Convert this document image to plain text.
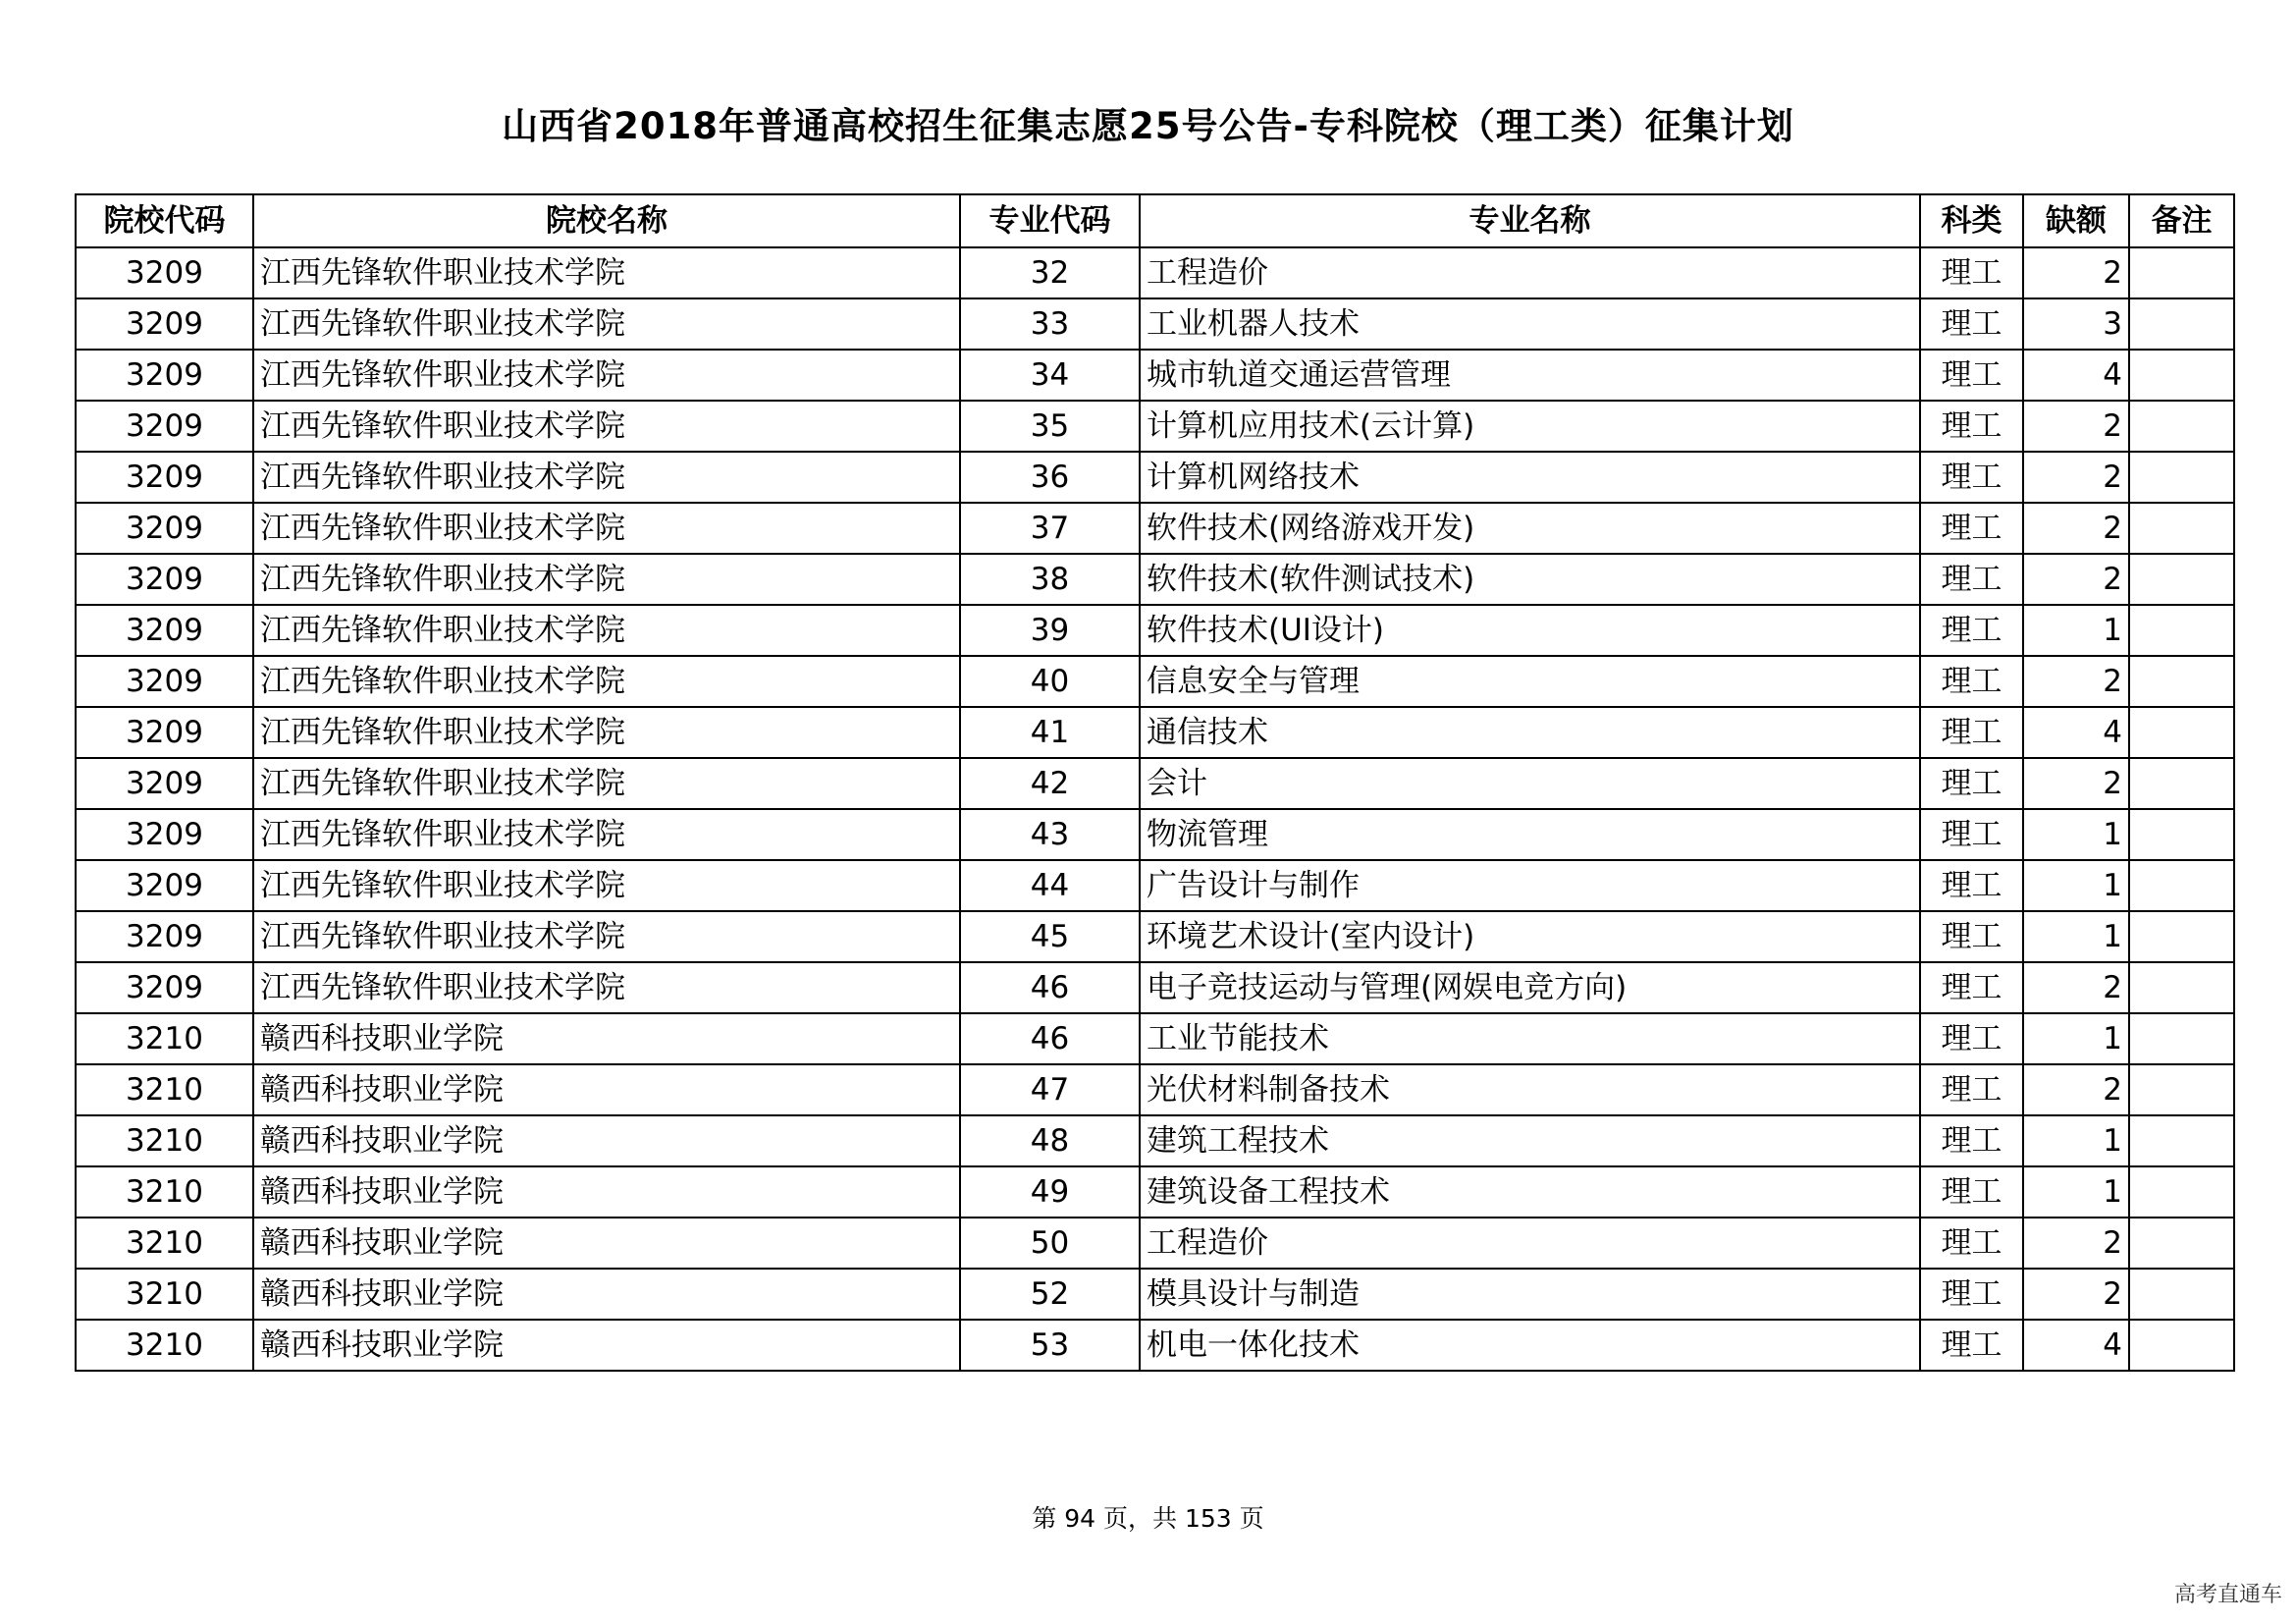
山西省2018年普通高校招生征集志愿25号公告-专科院校（理工类）征集计划
院校代码	院校名称	专业代码	专业名称	科类	缺额	备注
3209	江西先锋软件职业技术学院	32	工程造价	理工	2	
3209	江西先锋软件职业技术学院	33	工业机器人技术	理工	3	
3209	江西先锋软件职业技术学院	34	城市轨道交通运营管理	理工	4	
3209	江西先锋软件职业技术学院	35	计算机应用技术(云计算)	理工	2	
3209	江西先锋软件职业技术学院	36	计算机网络技术	理工	2	
3209	江西先锋软件职业技术学院	37	软件技术(网络游戏开发)	理工	2	
3209	江西先锋软件职业技术学院	38	软件技术(软件测试技术)	理工	2	
3209	江西先锋软件职业技术学院	39	软件技术(UI设计)	理工	1	
3209	江西先锋软件职业技术学院	40	信息安全与管理	理工	2	
3209	江西先锋软件职业技术学院	41	通信技术	理工	4	
3209	江西先锋软件职业技术学院	42	会计	理工	2	
3209	江西先锋软件职业技术学院	43	物流管理	理工	1	
3209	江西先锋软件职业技术学院	44	广告设计与制作	理工	1	
3209	江西先锋软件职业技术学院	45	环境艺术设计(室内设计)	理工	1	
3209	江西先锋软件职业技术学院	46	电子竞技运动与管理(网娱电竞方向)	理工	2	
3210	赣西科技职业学院	46	工业节能技术	理工	1	
3210	赣西科技职业学院	47	光伏材料制备技术	理工	2	
3210	赣西科技职业学院	48	建筑工程技术	理工	1	
3210	赣西科技职业学院	49	建筑设备工程技术	理工	1	
3210	赣西科技职业学院	50	工程造价	理工	2	
3210	赣西科技职业学院	52	模具设计与制造	理工	2	
3210	赣西科技职业学院	53	机电一体化技术	理工	4	
第 94 页，共 153 页
高考直通车
